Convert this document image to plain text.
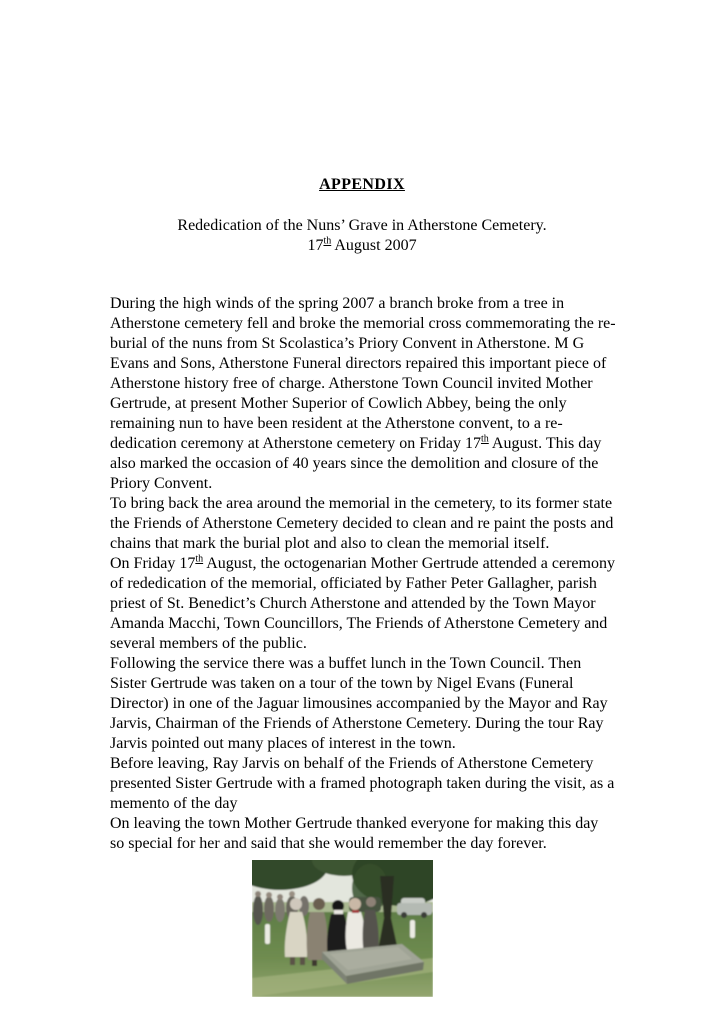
APPENDIX

Rededication of the Nuns’ Grave in Atherstone Cemetery.

17th August 2007

During the high winds of the spring 2007 a branch broke from a tree in Atherstone cemetery fell and broke the memorial cross commemorating the re-burial of the nuns from St Scolastica’s Priory Convent in Atherstone. M G Evans and Sons, Atherstone Funeral directors repaired this important piece of Atherstone history free of charge. Atherstone Town Council invited Mother Gertrude, at present Mother Superior of Cowlich Abbey, being the only remaining nun to have been resident at the Atherstone convent, to a re-dedication ceremony at Atherstone cemetery on Friday 17th August. This day also marked the occasion of 40 years since the demolition and closure of the Priory Convent.

To bring back the area around the memorial in the cemetery, to its former state the Friends of Atherstone Cemetery decided to clean and re paint the posts and chains that mark the burial plot and also to clean the memorial itself.

On Friday 17th August, the octogenarian Mother Gertrude attended a ceremony of rededication of the memorial, officiated by Father Peter Gallagher, parish priest of St. Benedict’s Church Atherstone and attended by the Town Mayor Amanda Macchi, Town Councillors, The Friends of Atherstone Cemetery and several members of the public.

Following the service there was a buffet lunch in the Town Council. Then Sister Gertrude was taken on a tour of the town by Nigel Evans (Funeral Director) in one of the Jaguar limousines accompanied by the Mayor and Ray Jarvis, Chairman of the Friends of Atherstone Cemetery. During the tour Ray Jarvis pointed out many places of interest in the town.

Before leaving, Ray Jarvis on behalf of the Friends of Atherstone Cemetery presented Sister Gertrude with a framed photograph taken during the visit, as a memento of the day

On leaving the town Mother Gertrude thanked everyone for making this day so special for her and said that she would remember the day forever.
